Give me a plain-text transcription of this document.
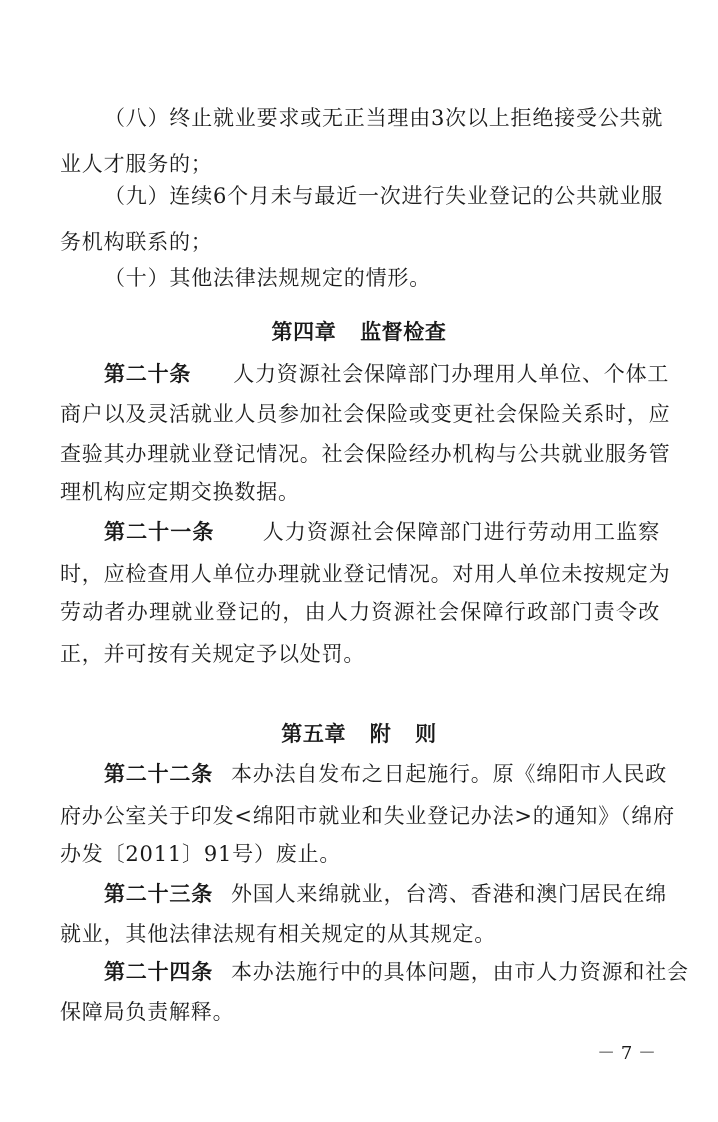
（八）终止就业要求或无正当理由3次以上拒绝接受公共就
业人才服务的；
（九）连续6个月未与最近一次进行失业登记的公共就业服
务机构联系的；
（十）其他法律法规规定的情形。
第四章   监督检查
第二十条 人力资源社会保障部门办理用人单位、个体工
商户以及灵活就业人员参加社会保险或变更社会保险关系时，应
查验其办理就业登记情况。社会保险经办机构与公共就业服务管
理机构应定期交换数据。
第二十一条 人力资源社会保障部门进行劳动用工监察
时，应检查用人单位办理就业登记情况。对用人单位未按规定为
劳动者办理就业登记的，由人力资源社会保障行政部门责令改
正，并可按有关规定予以处罚。
第五章   附   则
第二十二条 本办法自发布之日起施行。原《绵阳市人民政
府办公室关于印发<绵阳市就业和失业登记办法>的通知》（绵府
办发〔2011〕91号）废止。
第二十三条 外国人来绵就业，台湾、香港和澳门居民在绵
就业，其他法律法规有相关规定的从其规定。
第二十四条 本办法施行中的具体问题，由市人力资源和社会
保障局负责解释。
－ 7 －
